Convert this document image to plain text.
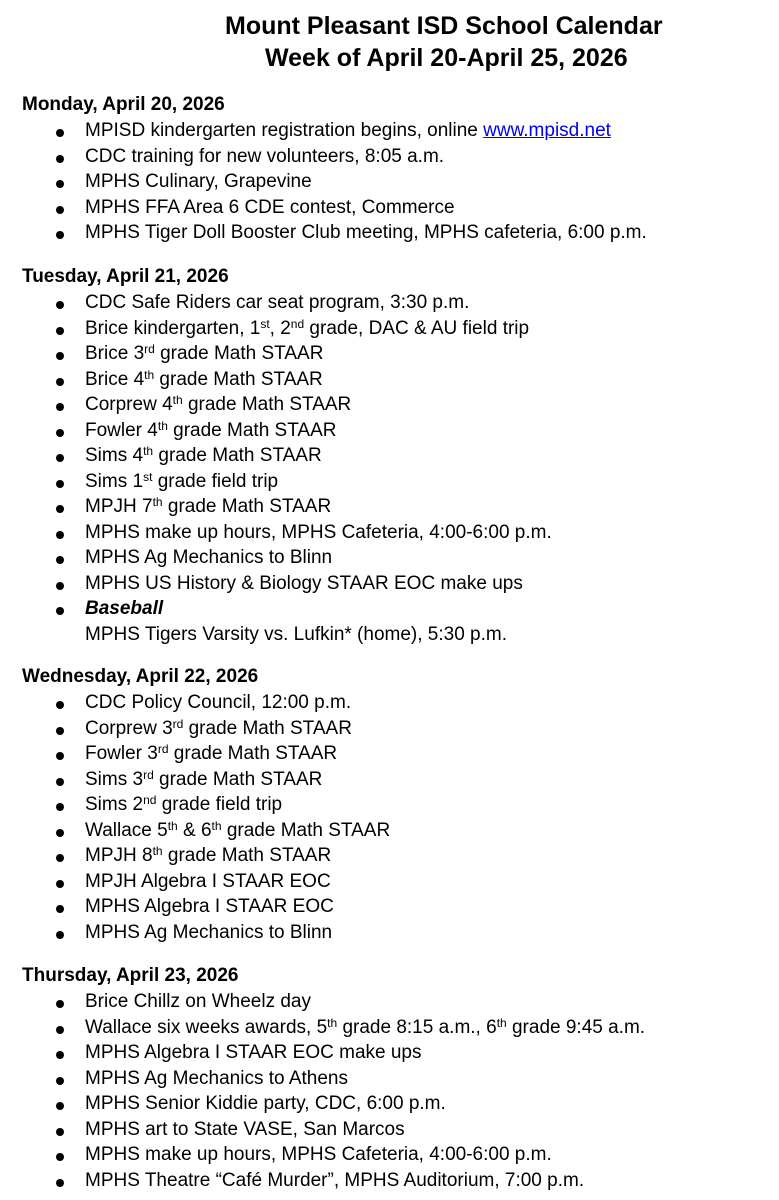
Mount Pleasant ISD School Calendar
Week of April 20-April 25, 2026
Monday, April 20, 2026
MPISD kindergarten registration begins, online www.mpisd.net
CDC training for new volunteers, 8:05 a.m.
MPHS Culinary, Grapevine
MPHS FFA Area 6 CDE contest, Commerce
MPHS Tiger Doll Booster Club meeting, MPHS cafeteria, 6:00 p.m.
Tuesday, April 21, 2026
CDC Safe Riders car seat program, 3:30 p.m.
Brice kindergarten, 1st, 2nd grade, DAC & AU field trip
Brice 3rd grade Math STAAR
Brice 4th grade Math STAAR
Corprew 4th grade Math STAAR
Fowler 4th grade Math STAAR
Sims 4th grade Math STAAR
Sims 1st grade field trip
MPJH 7th grade Math STAAR
MPHS make up hours, MPHS Cafeteria, 4:00-6:00 p.m.
MPHS Ag Mechanics to Blinn
MPHS US History & Biology STAAR EOC make ups
Baseball
MPHS Tigers Varsity vs. Lufkin* (home), 5:30 p.m.
Wednesday, April 22, 2026
CDC Policy Council, 12:00 p.m.
Corprew 3rd grade Math STAAR
Fowler 3rd grade Math STAAR
Sims 3rd grade Math STAAR
Sims 2nd grade field trip
Wallace 5th & 6th grade Math STAAR
MPJH 8th grade Math STAAR
MPJH Algebra I STAAR EOC
MPHS Algebra I STAAR EOC
MPHS Ag Mechanics to Blinn
Thursday, April 23, 2026
Brice Chillz on Wheelz day
Wallace six weeks awards, 5th grade 8:15 a.m., 6th grade 9:45 a.m.
MPHS Algebra I STAAR EOC make ups
MPHS Ag Mechanics to Athens
MPHS Senior Kiddie party, CDC, 6:00 p.m.
MPHS art to State VASE, San Marcos
MPHS make up hours, MPHS Cafeteria, 4:00-6:00 p.m.
MPHS Theatre “Café Murder”, MPHS Auditorium, 7:00 p.m.
